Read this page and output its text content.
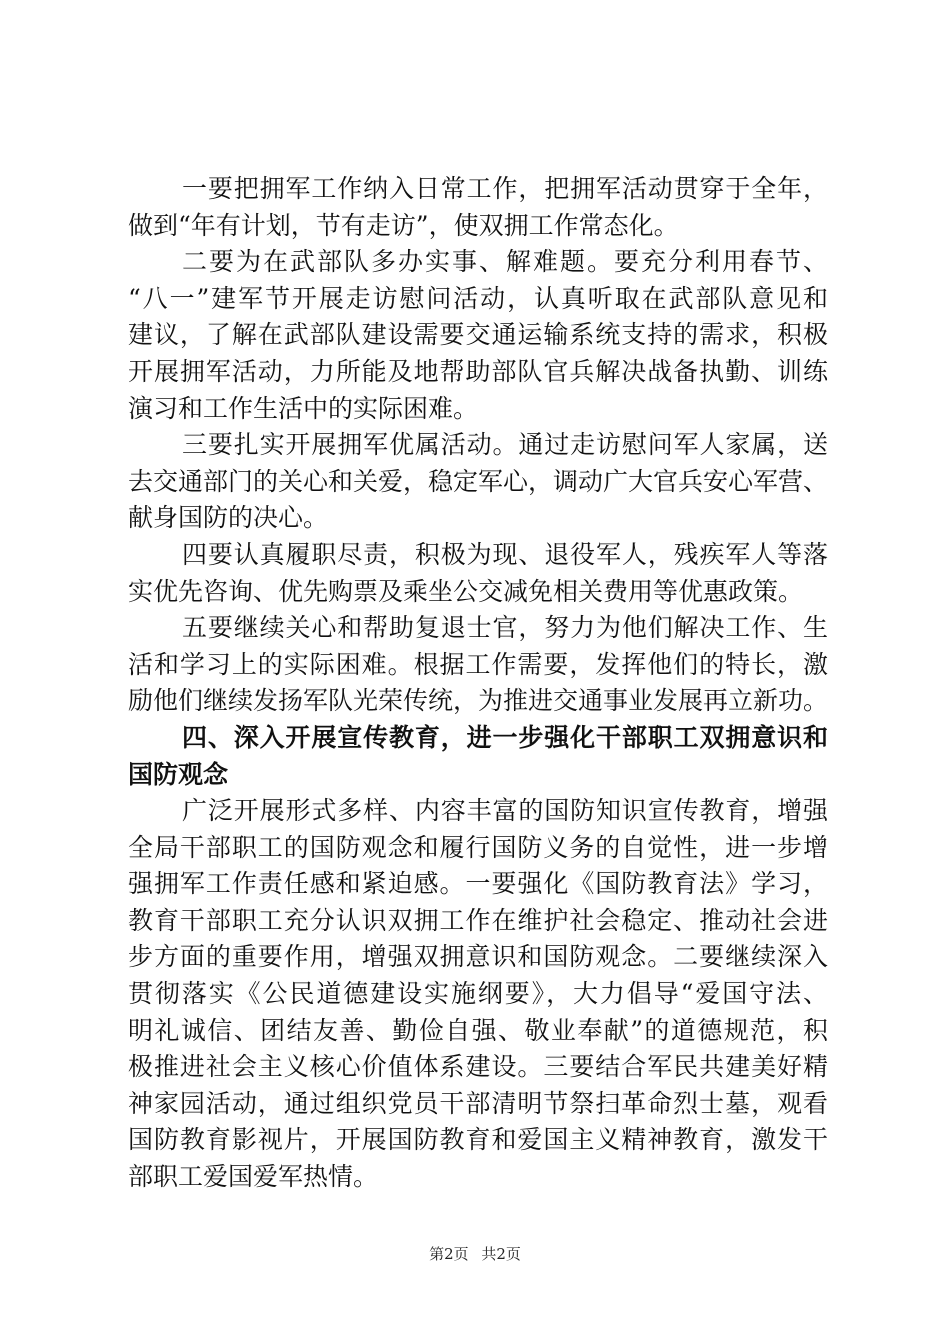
一要把拥军工作纳入日常工作，把拥军活动贯穿于全年，
做到“年有计划，节有走访”，使双拥工作常态化。
二要为在武部队多办实事、解难题。要充分利用春节、
“八一”建军节开展走访慰问活动，认真听取在武部队意见和
建议，了解在武部队建设需要交通运输系统支持的需求，积极
开展拥军活动，力所能及地帮助部队官兵解决战备执勤、训练
演习和工作生活中的实际困难。
三要扎实开展拥军优属活动。通过走访慰问军人家属，送
去交通部门的关心和关爱，稳定军心，调动广大官兵安心军营、
献身国防的决心。
四要认真履职尽责，积极为现、退役军人，残疾军人等落
实优先咨询、优先购票及乘坐公交减免相关费用等优惠政策。
五要继续关心和帮助复退士官，努力为他们解决工作、生
活和学习上的实际困难。根据工作需要，发挥他们的特长，激
励他们继续发扬军队光荣传统，为推进交通事业发展再立新功。
四、深入开展宣传教育，进一步强化干部职工双拥意识和
国防观念
广泛开展形式多样、内容丰富的国防知识宣传教育，增强
全局干部职工的国防观念和履行国防义务的自觉性，进一步增
强拥军工作责任感和紧迫感。一要强化《国防教育法》学习，
教育干部职工充分认识双拥工作在维护社会稳定、推动社会进
步方面的重要作用，增强双拥意识和国防观念。二要继续深入
贯彻落实《公民道德建设实施纲要》，大力倡导“爱国守法、
明礼诚信、团结友善、勤俭自强、敬业奉献”的道德规范，积
极推进社会主义核心价值体系建设。三要结合军民共建美好精
神家园活动，通过组织党员干部清明节祭扫革命烈士墓，观看
国防教育影视片，开展国防教育和爱国主义精神教育，激发干
部职工爱国爱军热情。
第2页 共2页
